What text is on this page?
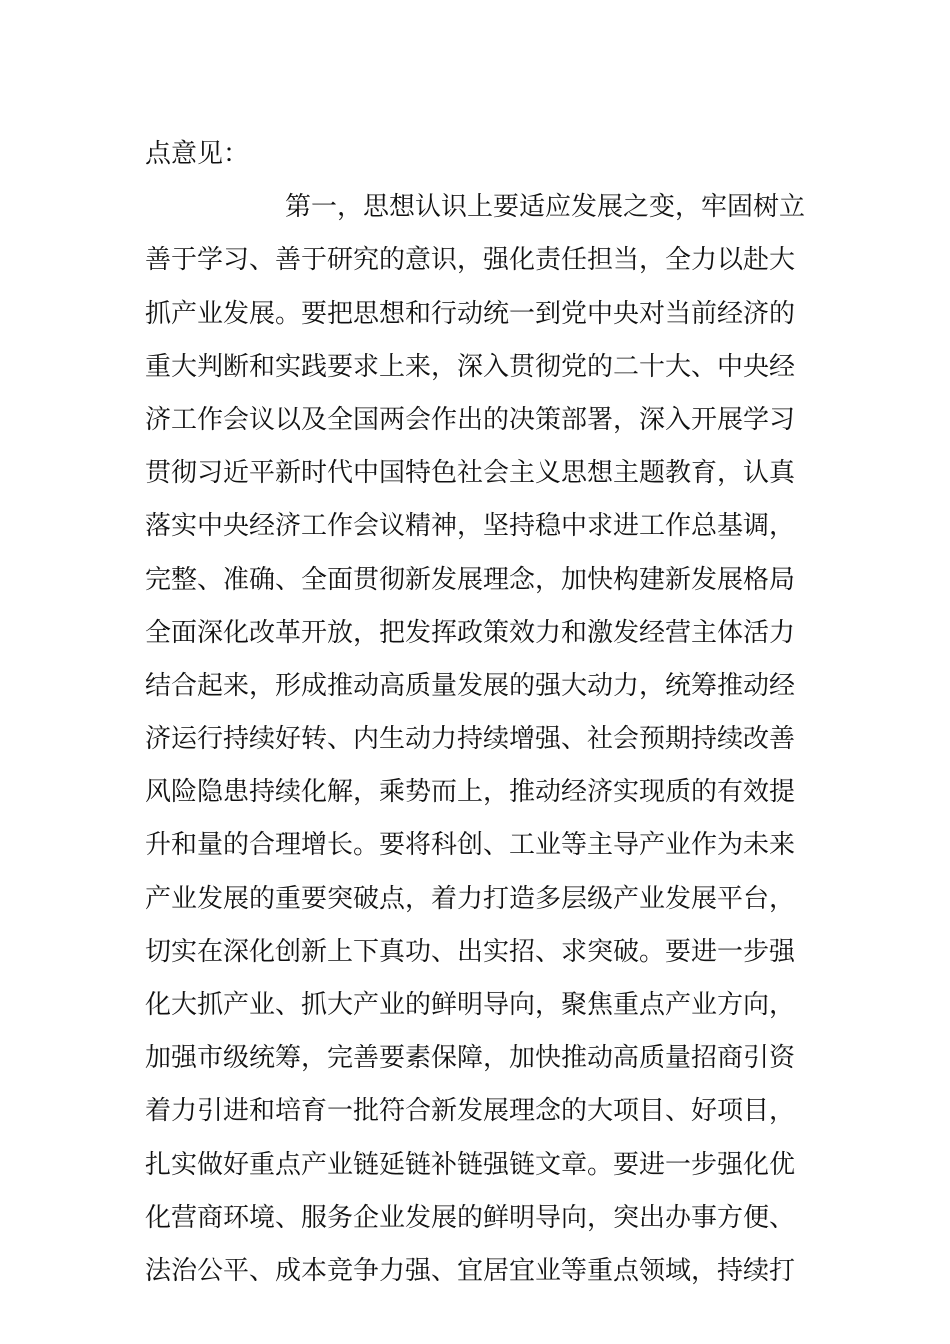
点意见：
第一，思想认识上要适应发展之变，牢固树立
善于学习、善于研究的意识，强化责任担当，全力以赴大
抓产业发展。要把思想和行动统一到党中央对当前经济的
重大判断和实践要求上来，深入贯彻党的二十大、中央经
济工作会议以及全国两会作出的决策部署，深入开展学习
贯彻习近平新时代中国特色社会主义思想主题教育，认真
落实中央经济工作会议精神，坚持稳中求进工作总基调，
完整、准确、全面贯彻新发展理念，加快构建新发展格局
全面深化改革开放，把发挥政策效力和激发经营主体活力
结合起来，形成推动高质量发展的强大动力，统筹推动经
济运行持续好转、内生动力持续增强、社会预期持续改善
风险隐患持续化解，乘势而上，推动经济实现质的有效提
升和量的合理增长。要将科创、工业等主导产业作为未来
产业发展的重要突破点，着力打造多层级产业发展平台，
切实在深化创新上下真功、出实招、求突破。要进一步强
化大抓产业、抓大产业的鲜明导向，聚焦重点产业方向，
加强市级统筹，完善要素保障，加快推动高质量招商引资
着力引进和培育一批符合新发展理念的大项目、好项目，
扎实做好重点产业链延链补链强链文章。要进一步强化优
化营商环境、服务企业发展的鲜明导向，突出办事方便、
法治公平、成本竞争力强、宜居宜业等重点领域，持续打
